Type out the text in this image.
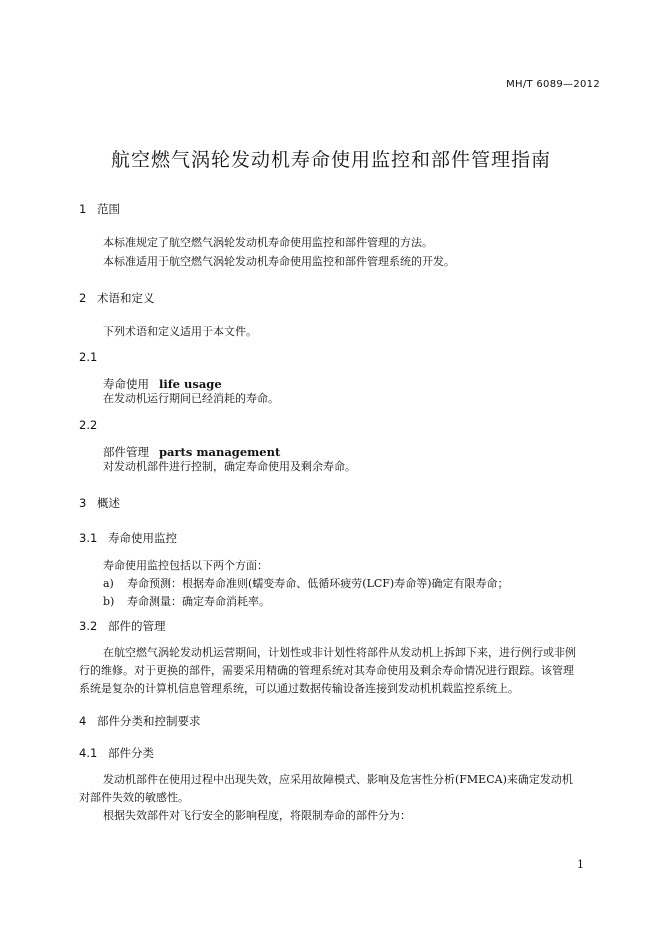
MH/T 6089—2012
航空燃气涡轮发动机寿命使用监控和部件管理指南
1 范围
本标准规定了航空燃气涡轮发动机寿命使用监控和部件管理的方法。
本标准适用于航空燃气涡轮发动机寿命使用监控和部件管理系统的开发。
2 术语和定义
下列术语和定义适用于本文件。
2.1
寿命使用 life usage
在发动机运行期间已经消耗的寿命。
2.2
部件管理 parts management
对发动机部件进行控制，确定寿命使用及剩余寿命。
3 概述
3.1 寿命使用监控
寿命使用监控包括以下两个方面：
a) 寿命预测：根据寿命准则(蠕变寿命、低循环疲劳(LCF)寿命等)确定有限寿命；
b) 寿命测量：确定寿命消耗率。
3.2 部件的管理
在航空燃气涡轮发动机运营期间，计划性或非计划性将部件从发动机上拆卸下来，进行例行或非例
行的维修。对于更换的部件，需要采用精确的管理系统对其寿命使用及剩余寿命情况进行跟踪。该管理
系统是复杂的计算机信息管理系统，可以通过数据传输设备连接到发动机机载监控系统上。
4 部件分类和控制要求
4.1 部件分类
发动机部件在使用过程中出现失效，应采用故障模式、影响及危害性分析(FMECA)来确定发动机
对部件失效的敏感性。
根据失效部件对飞行安全的影响程度，将限制寿命的部件分为：
1
